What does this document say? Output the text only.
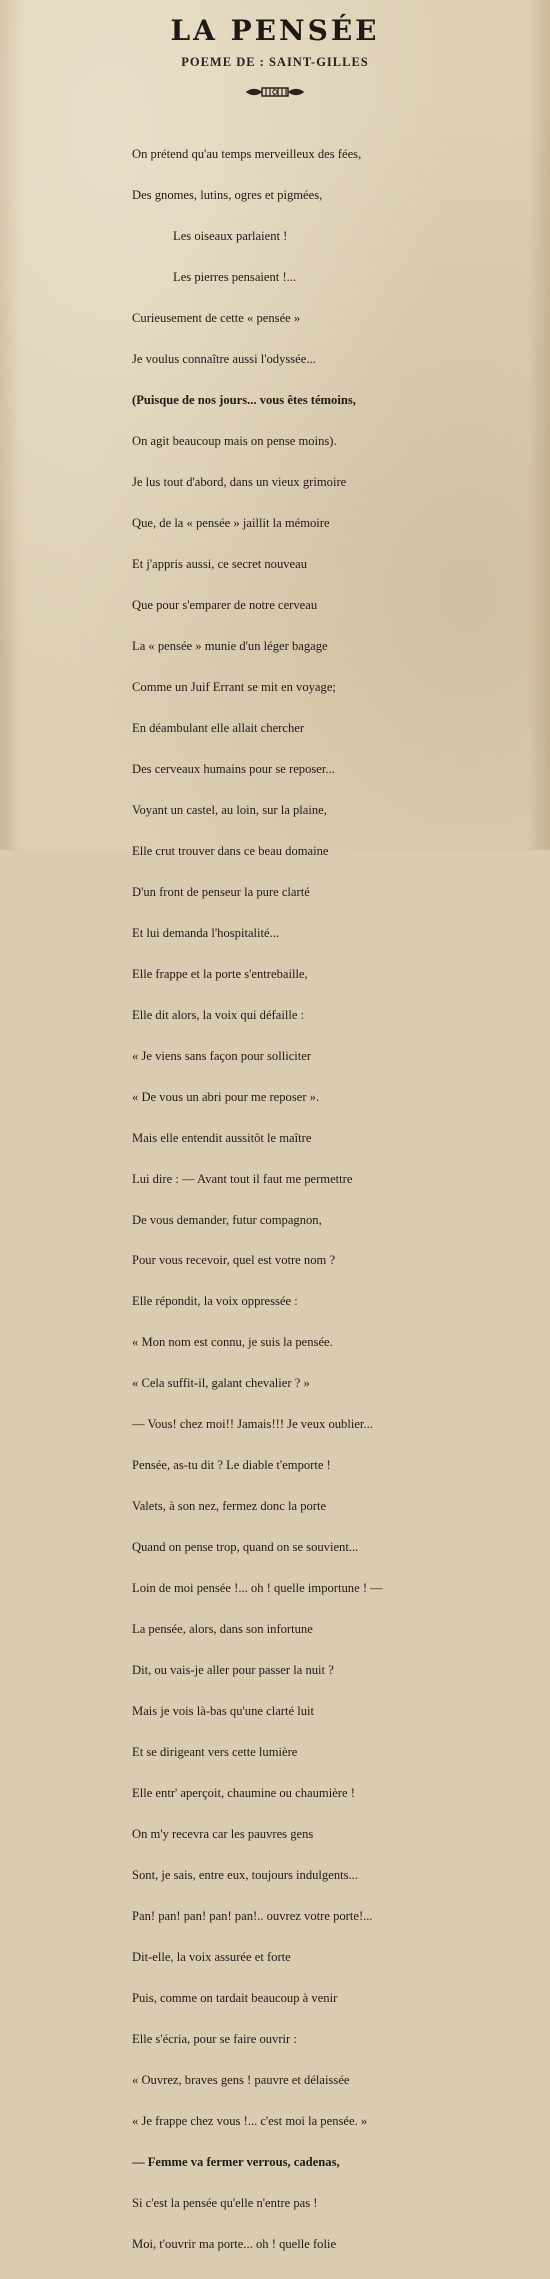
LA PENSÉE
POEME DE : SAINT-GILLES

On prétend qu'au temps merveilleux des fées,

Des gnomes, lutins, ogres et pigmées,

Les oiseaux parlaient !

Les pierres pensaient !...

Curieusement de cette « pensée »

Je voulus connaître aussi l'odyssée...

(Puisque de nos jours... vous êtes témoins,

On agit beaucoup mais on pense moins).

Je lus tout d'abord, dans un vieux grimoire

Que, de la « pensée » jaillit la mémoire

Et j'appris aussi, ce secret nouveau

Que pour s'emparer de notre cerveau

La « pensée » munie d'un léger bagage

Comme un Juif Errant se mit en voyage;

En déambulant elle allait chercher

Des cerveaux humains pour se reposer...

Voyant un castel, au loin, sur la plaine,

Elle crut trouver dans ce beau domaine

D'un front de penseur la pure clarté

Et lui demanda l'hospitalité...

Elle frappe et la porte s'entrebaille,

Elle dit alors, la voix qui défaille :

« Je viens sans façon pour solliciter

« De vous un abri pour me reposer ».

Mais elle entendit aussitôt le maître

Lui dire : — Avant tout il faut me permettre

De vous demander, futur compagnon,

Pour vous recevoir, quel est votre nom ?

Elle répondit, la voix oppressée :

« Mon nom est connu, je suis la pensée.

« Cela suffit-il, galant chevalier ? »

— Vous! chez moi!! Jamais!!! Je veux oublier...

Pensée, as-tu dit ? Le diable t'emporte !

Valets, à son nez, fermez donc la porte

Quand on pense trop, quand on se souvient...

Loin de moi pensée !... oh ! quelle importune ! —

La pensée, alors, dans son infortune

Dit, ou vais-je aller pour passer la nuit ?

Mais je vois là-bas qu'une clarté luit

Et se dirigeant vers cette lumière

Elle entr' aperçoit, chaumine ou chaumière !

On m'y recevra car les pauvres gens

Sont, je sais, entre eux, toujours indulgents...

Pan! pan! pan! pan! pan!.. ouvrez votre porte!...

Dit-elle, la voix assurée et forte

Puis, comme on tardait beaucoup à venir

Elle s'écria, pour se faire ouvrir :

« Ouvrez, braves gens ! pauvre et délaissée

« Je frappe chez vous !... c'est moi la pensée. »

— Femme va fermer verrous, cadenas,

Si c'est la pensée qu'elle n'entre pas !

Moi, t'ouvrir ma porte... oh ! quelle folie
